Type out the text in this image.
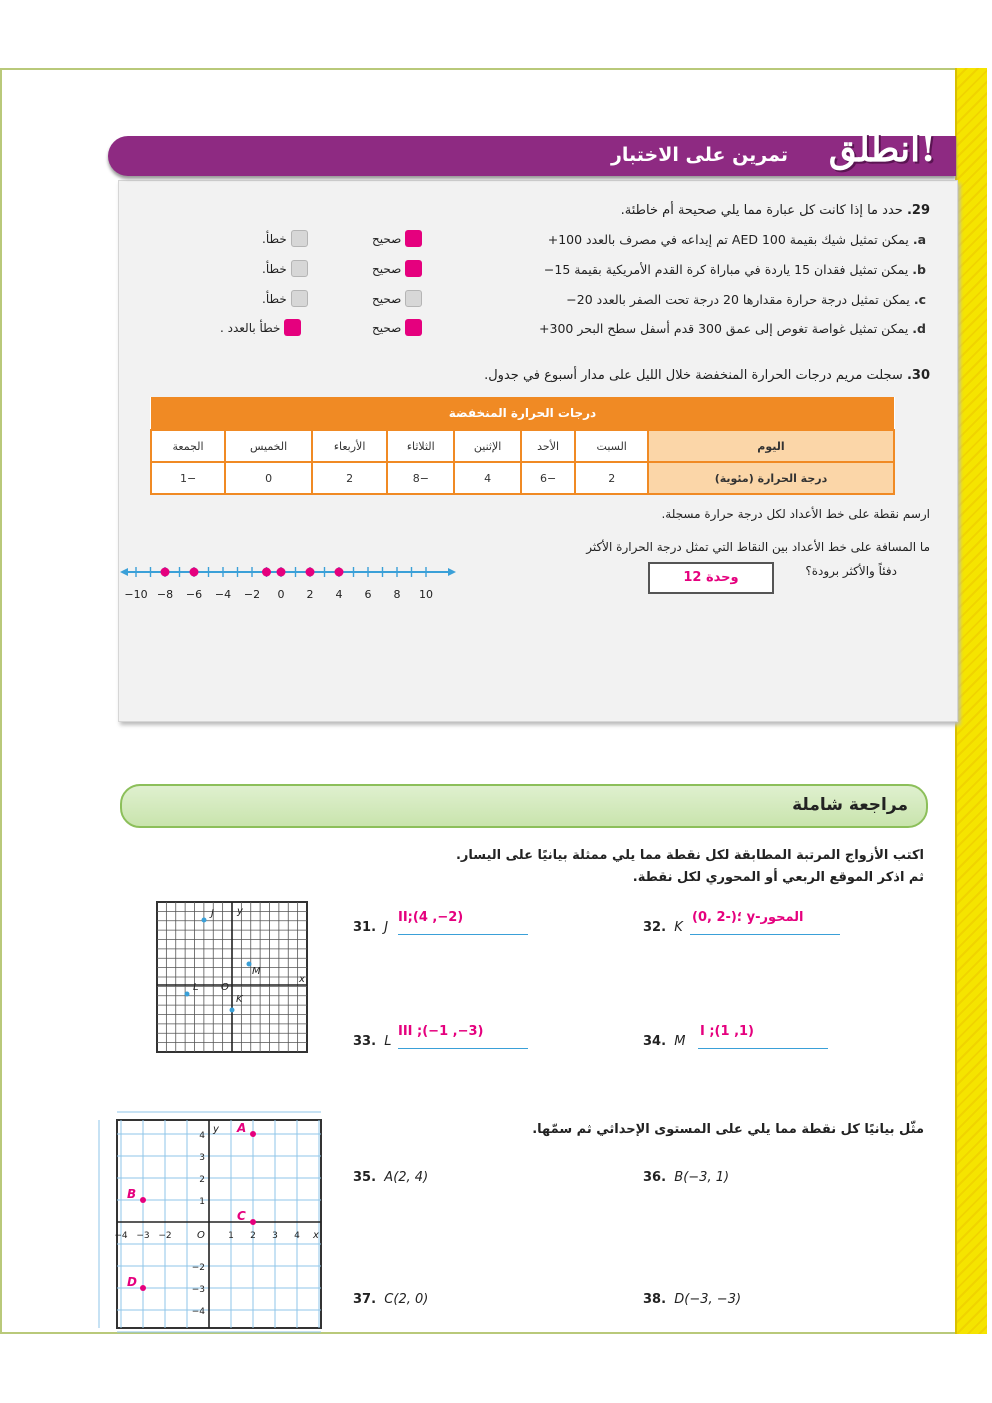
انطلق!
تمرين على الاختبار
29. حدد ما إذا كانت كل عبارة مما يلي صحيحة أم خاطئة.
a. يمكن تمثيل شيك بقيمة AED 100 تم إيداعه في مصرف بالعدد 100+
صحيح
خطأ.
b. يمكن تمثيل فقدان 15 ياردة في مباراة كرة القدم الأمريكية بقيمة 15−
صحيح
خطأ.
c. يمكن تمثيل درجة حرارة مقدارها 20 درجة تحت الصفر بالعدد 20−
صحيح
خطأ.
d. يمكن تمثيل غواصة تغوص إلى عمق 300 قدم أسفل سطح البحر 300+
صحيح
خطأ بالعدد .
30. سجلت مريم درجات الحرارة المنخفضة خلال الليل على مدار أسبوع في جدول.
درجات الحرارة المنخفضة							
اليوم	السبت	الأحد	الإثنين	الثلاثاء	الأربعاء	الخميس	الجمعة
درجة الحرارة (مئوية)	2	−6	4	−8	2	0	−1
ارسم نقطة على خط الأعداد لكل درجة حرارة مسجلة.
ما المسافة على خط الأعداد بين النقاط التي تمثل درجة الحرارة الأكثر
دفئاً والأكثر برودة؟
12 وحدة
−10 −8 −6 −4 −2 0 2 4 6 8 10
مراجعة شاملة
اكتب الأزواج المرتبة المطابقة لكل نقطة مما يلي ممثلة بيانيًا على اليسار.
ثم اذكر الموقع الربعي أو المحوري لكل نقطة.
J y
M
L O
x
K
31. J
II;(4 ,−2)
32. K
المحور-y ؛(-2 ,0)
33. L
III ;(−1 ,−3)
34. M
I ;(1 ,1)
مثّل بيانيًا كل نقطة مما يلي على المستوى الإحداثي ثم سمّها.
−4 −3 −2	1 2 3 4
4
3
2
1
−2
−3
−4
y
x
O
A
B
C
D
35. A(2, 4)	36. B(−3, 1)
37. C(2, 0)	38. D(−3, −3)
